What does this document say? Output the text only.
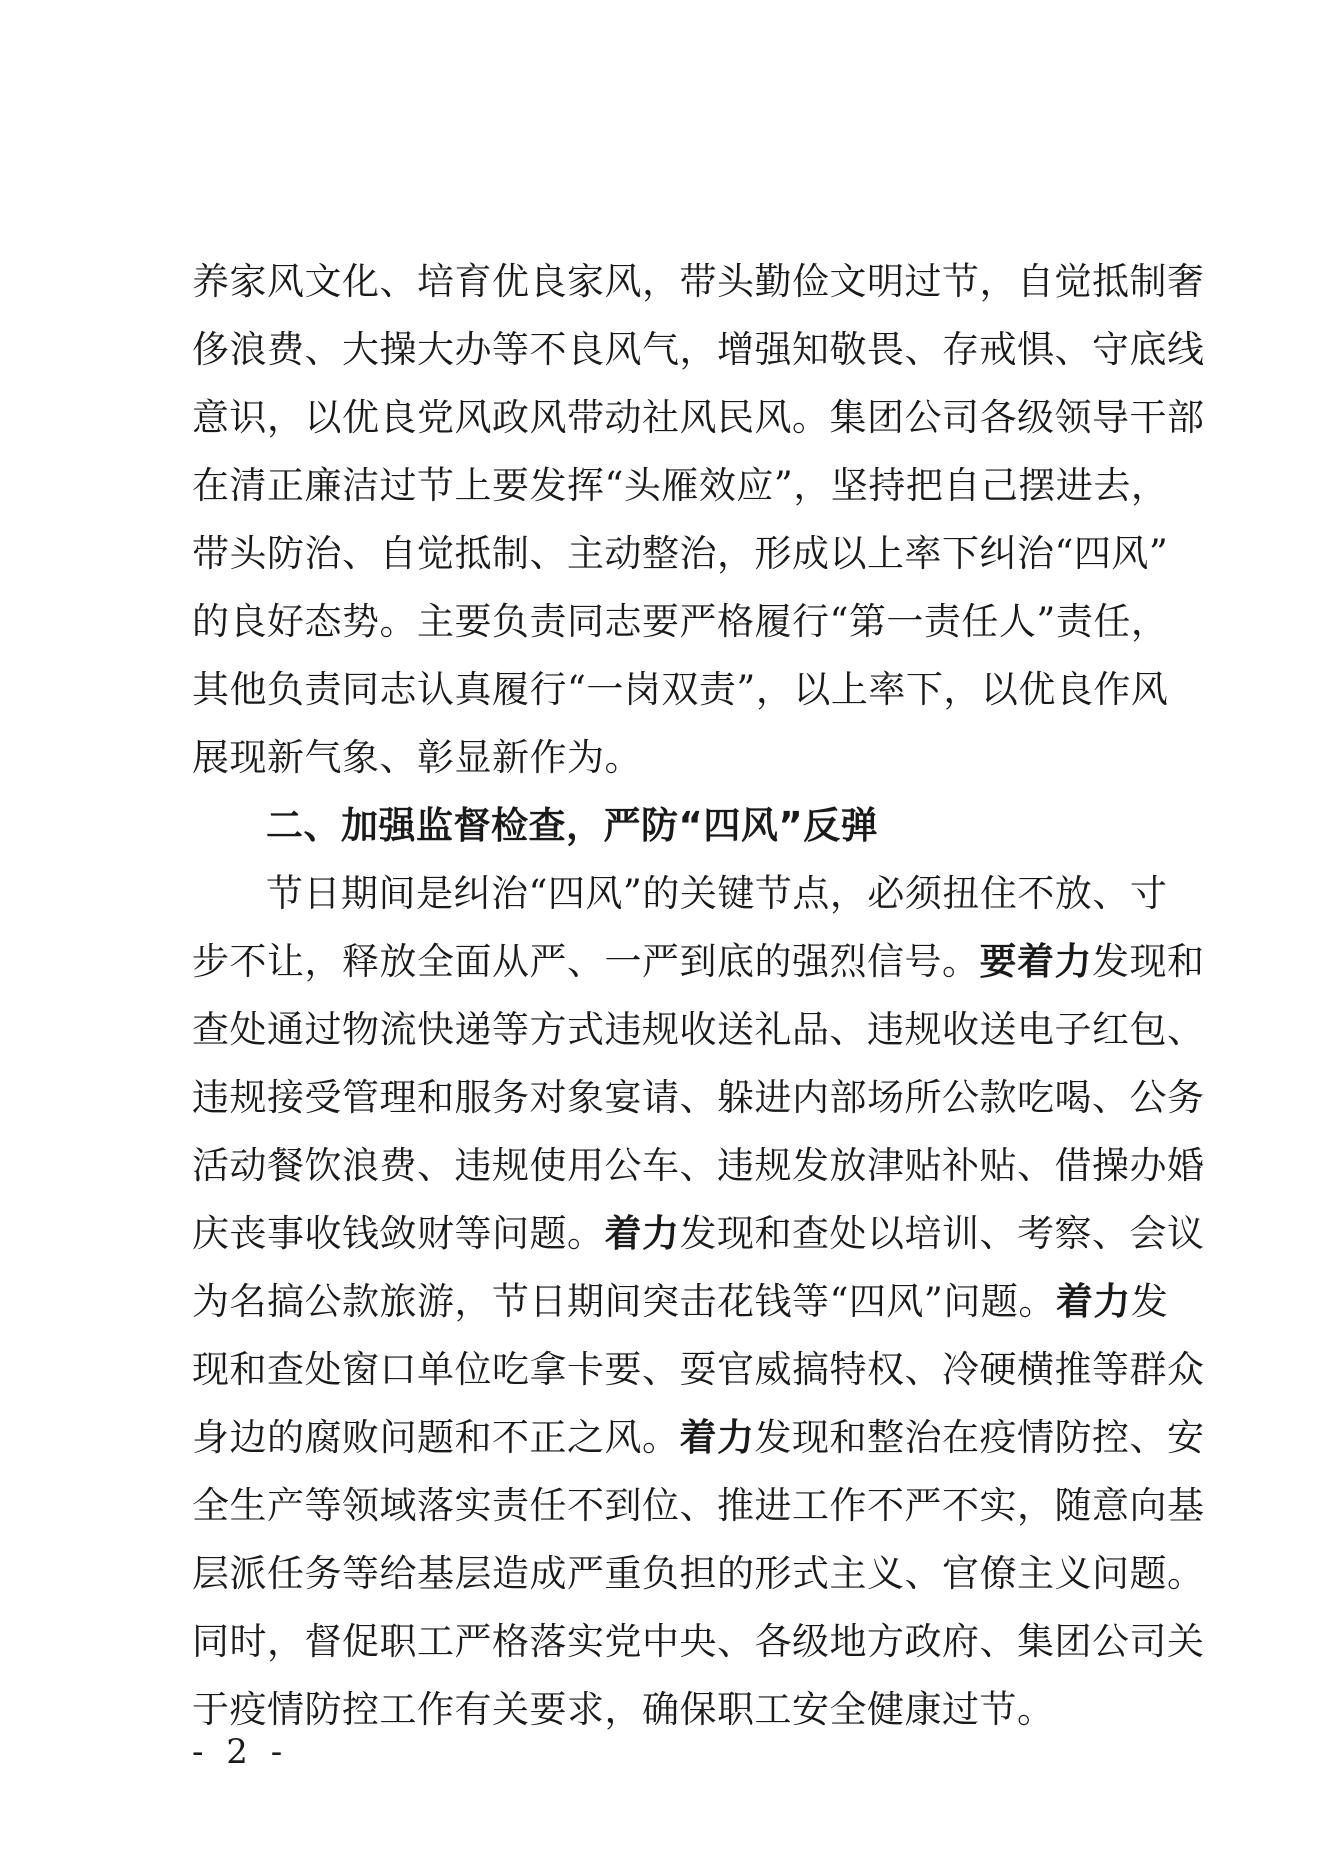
养家风文化、培育优良家风，带头勤俭文明过节，自觉抵制奢
侈浪费、大操大办等不良风气，增强知敬畏、存戒惧、守底线
意识，以优良党风政风带动社风民风。集团公司各级领导干部
在清正廉洁过节上要发挥“头雁效应”，坚持把自己摆进去，
带头防治、自觉抵制、主动整治，形成以上率下纠治“四风”
的良好态势。主要负责同志要严格履行“第一责任人”责任，
其他负责同志认真履行“一岗双责”，以上率下，以优良作风
展现新气象、彰显新作为。
二、加强监督检查，严防“四风”反弹
节日期间是纠治“四风”的关键节点，必须扭住不放、寸
步不让，释放全面从严、一严到底的强烈信号。要着力发现和
查处通过物流快递等方式违规收送礼品、违规收送电子红包、
违规接受管理和服务对象宴请、躲进内部场所公款吃喝、公务
活动餐饮浪费、违规使用公车、违规发放津贴补贴、借操办婚
庆丧事收钱敛财等问题。着力发现和查处以培训、考察、会议
为名搞公款旅游，节日期间突击花钱等“四风”问题。着力发
现和查处窗口单位吃拿卡要、耍官威搞特权、冷硬横推等群众
身边的腐败问题和不正之风。着力发现和整治在疫情防控、安
全生产等领域落实责任不到位、推进工作不严不实，随意向基
层派任务等给基层造成严重负担的形式主义、官僚主义问题。
同时，督促职工严格落实党中央、各级地方政府、集团公司关
于疫情防控工作有关要求，确保职工安全健康过节。
- 2 -
